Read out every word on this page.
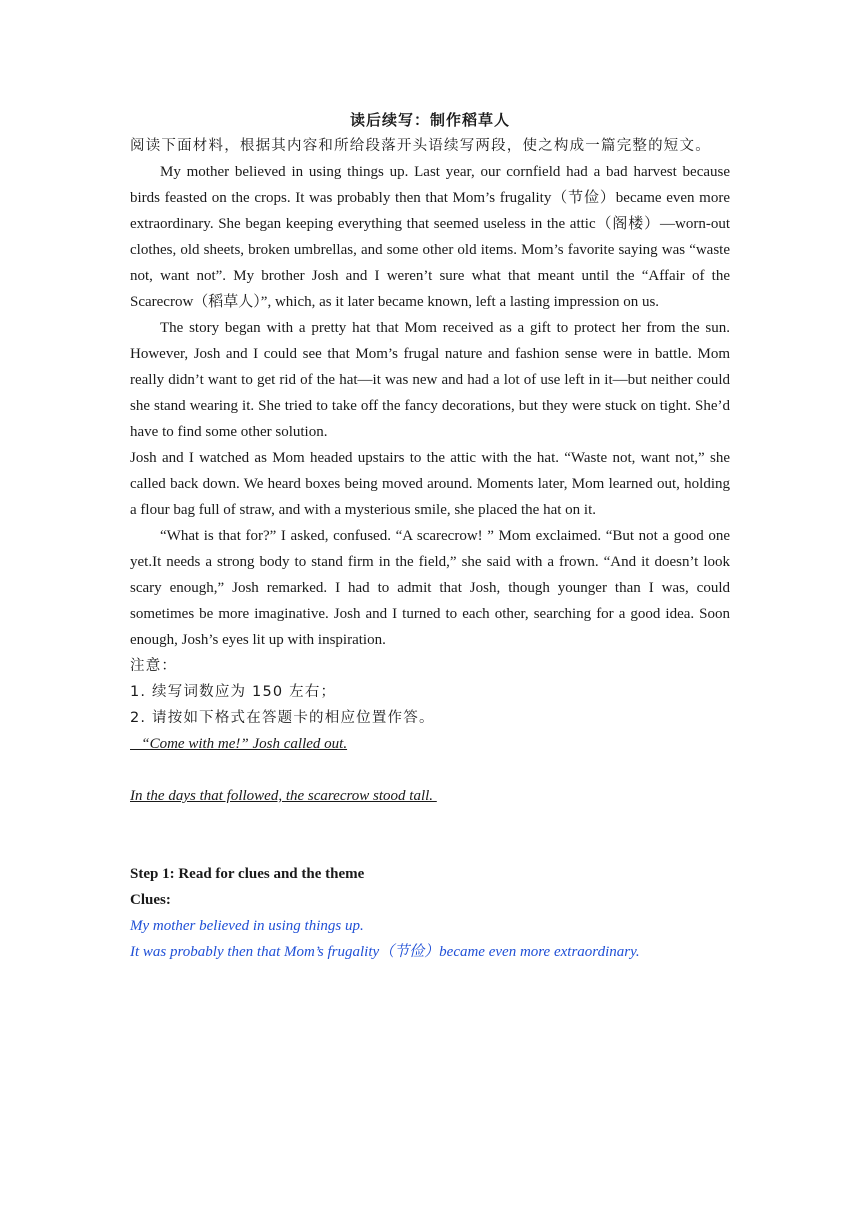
读后续写：制作稻草人

阅读下面材料，根据其内容和所给段落开头语续写两段，使之构成一篇完整的短文。

My mother believed in using things up. Last year, our cornfield had a bad harvest because birds feasted on the crops. It was probably then that Mom’s frugality（节俭）became even more extraordinary. She began keeping everything that seemed useless in the attic（阁楼）—worn-out clothes, old sheets, broken umbrellas, and some other old items. Mom’s favorite saying was “waste not, want not”. My brother Josh and I weren’t sure what that meant until the “Affair of the Scarecrow（稻草人）”, which, as it later became known, left a lasting impression on us.

The story began with a pretty hat that Mom received as a gift to protect her from the sun. However, Josh and I could see that Mom’s frugal nature and fashion sense were in battle. Mom really didn’t want to get rid of the hat—it was new and had a lot of use left in it—but neither could she stand wearing it. She tried to take off the fancy decorations, but they were stuck on tight. She’d have to find some other solution.

Josh and I watched as Mom headed upstairs to the attic with the hat. “Waste not, want not,” she called back down. We heard boxes being moved around. Moments later, Mom learned out, holding a flour bag full of straw, and with a mysterious smile, she placed the hat on it.

“What is that for?” I asked, confused. “A scarecrow! ” Mom exclaimed. “But not a good one yet.It needs a strong body to stand firm in the field,” she said with a frown. “And it doesn’t look scary enough,” Josh remarked. I had to admit that Josh, though younger than I was, could sometimes be more imaginative. Josh and I turned to each other, searching for a good idea. Soon enough, Josh’s eyes lit up with inspiration.

注意：

1. 续写词数应为 150 左右；

2. 请按如下格式在答题卡的相应位置作答。

“Come with me!” Josh called out.

In the days that followed, the scarecrow stood tall.

Step 1: Read for clues and the theme

Clues:

My mother believed in using things up.

It was probably then that Mom’s frugality（节俭）became even more extraordinary.
